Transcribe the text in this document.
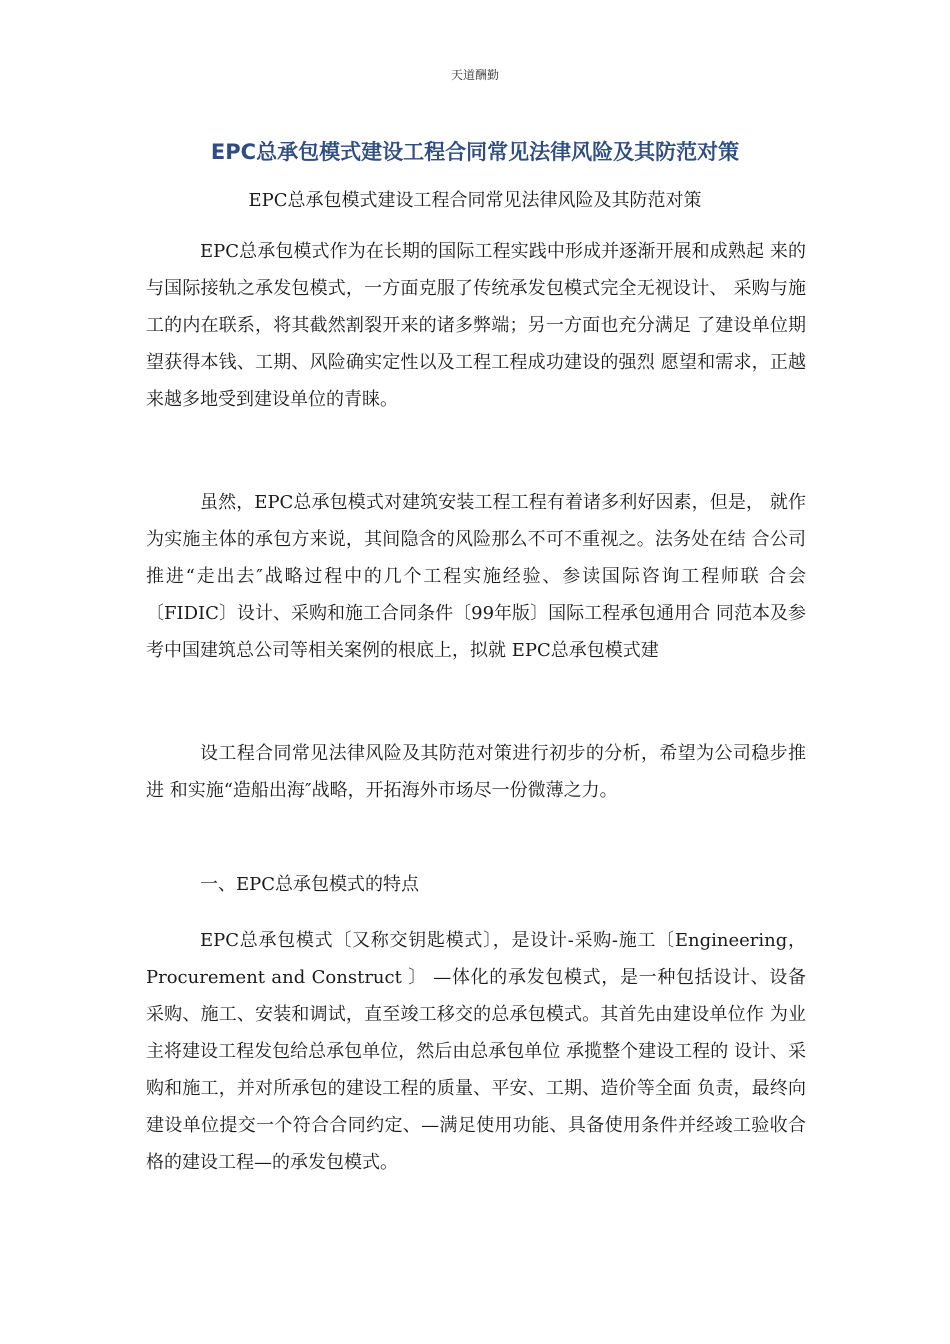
天道酬勤
EPC总承包模式建设工程合同常见法律风险及其防范对策
EPC总承包模式建设工程合同常见法律风险及其防范对策

EPC总承包模式作为在长期的国际工程实践中形成并逐渐开展和成熟起 来的与国际接轨之承发包模式，一方面克服了传统承发包模式完全无视设计、 采购与施工的内在联系，将其截然割裂开来的诸多弊端；另一方面也充分满足 了建设单位期望获得本钱、工期、风险确实定性以及工程工程成功建设的强烈 愿望和需求，正越来越多地受到建设单位的青睐。

虽然，EPC总承包模式对建筑安装工程工程有着诸多利好因素，但是， 就作为实施主体的承包方来说，其间隐含的风险那么不可不重视之。法务处在结 合公司推进“走出去″战略过程中的几个工程实施经验、参读国际咨询工程师联 合会〔FIDIC〕设计、采购和施工合同条件〔99年版〕国际工程承包通用合 同范本及参考中国建筑总公司等相关案例的根底上，拟就 EPC总承包模式建

设工程合同常见法律风险及其防范对策进行初步的分析，希望为公司稳步推进 和实施“造船出海″战略，开拓海外市场尽一份微薄之力。

一、EPC总承包模式的特点

EPC总承包模式〔又称交钥匙模式〕，是设计-采购-施工〔Engineering， Procurement and Construct 〕 —体化的承发包模式，是一种包括设计、设备 采购、施工、安装和调试，直至竣工移交的总承包模式。其首先由建设单位作 为业主将建设工程发包给总承包单位，然后由总承包单位 承揽整个建设工程的 设计、采购和施工，并对所承包的建设工程的质量、平安、工期、造价等全面 负责，最终向建设单位提交一个符合合同约定、—满足使用功能、具备使用条件并经竣工验收合格的建设工程—的承发包模式。
